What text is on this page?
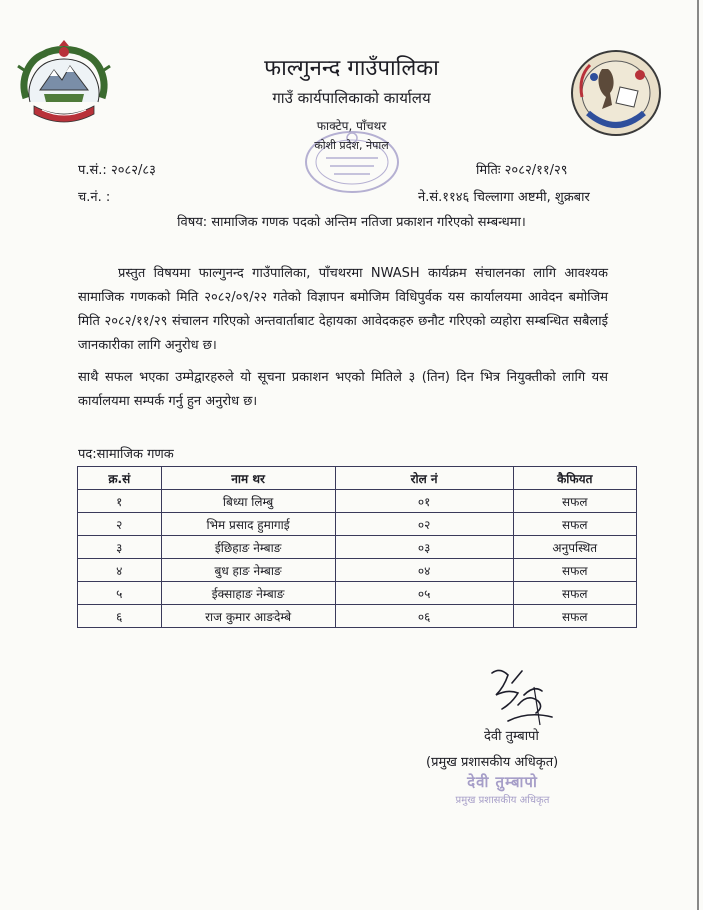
फाल्गुनन्द गाउँपालिका
गाउँ कार्यपालिकाको कार्यालय
फाक्टेप, पाँचथर
कोशी प्रदेश, नेपाल
प.सं.: २०८२/८३	मितिः २०८२/११/२९
च.नं. :	ने.सं.११४६ चिल्लागा अष्टमी, शुक्रबार
विषय: सामाजिक गणक पदको अन्तिम नतिजा प्रकाशन गरिएको सम्बन्धमा।
प्रस्तुत विषयमा फाल्गुनन्द गाउँपालिका, पाँचथरमा NWASH कार्यक्रम संचालनका लागि आवश्यक सामाजिक गणकको मिति २०८२/०९/२२ गतेको विज्ञापन बमोजिम विधिपुर्वक यस कार्यालयमा आवेदन बमोजिम मिति २०८२/११/२९ संचालन गरिएको अन्तवार्ताबाट देहायका आवेदकहरु छनौट गरिएको व्यहोरा सम्बन्धित सबैलाई जानकारीका लागि अनुरोध छ।
साथै सफल भएका उम्मेद्वारहरुले यो सूचना प्रकाशन भएको मितिले ३ (तिन) दिन भित्र नियुक्तीको लागि यस कार्यालयमा सम्पर्क गर्नु हुन अनुरोध छ।
पद:सामाजिक गणक
क्र.सं	नाम थर	रोल नं	कैफियत
१	बिध्या लिम्बु	०१	सफल
२	भिम प्रसाद हुमागाई	०२	सफल
३	ईछिहाङ नेम्बाङ	०३	अनुपस्थित
४	बुध हाङ नेम्बाङ	०४	सफल
५	ईक्साहाङ नेम्बाङ	०५	सफल
६	राज कुमार आङदेम्बे	०६	सफल
देवी तुम्बापो
(प्रमुख प्रशासकीय अधिकृत)
देवी तुम्बापो
प्रमुख प्रशासकीय अधिकृत
